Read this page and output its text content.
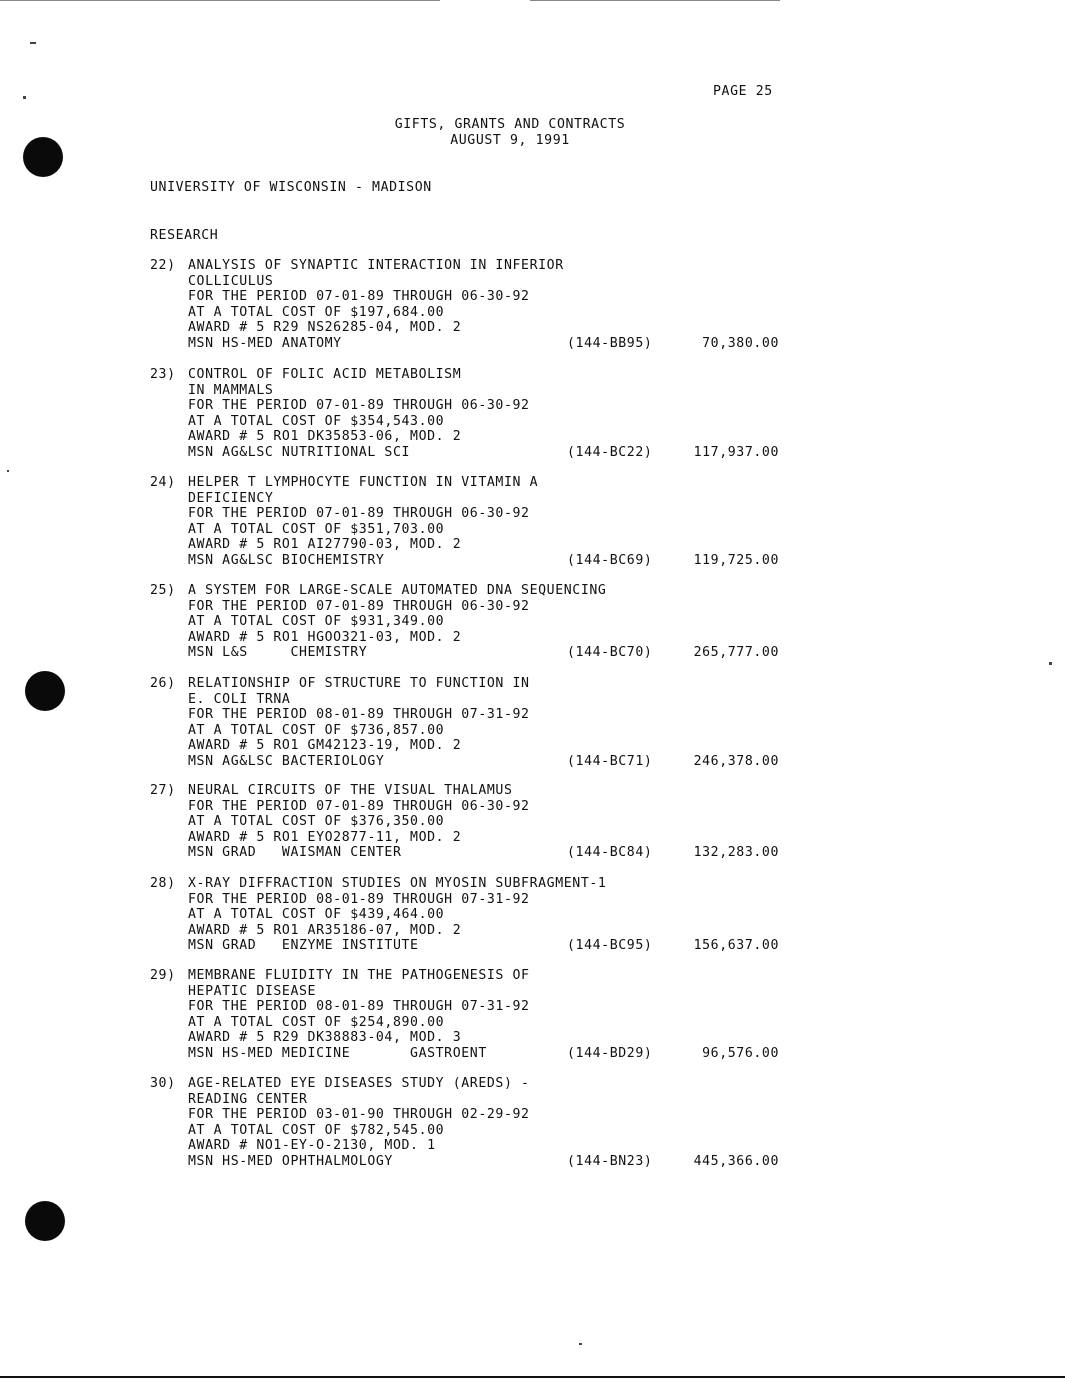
PAGE 25
GIFTS, GRANTS AND CONTRACTS
AUGUST 9, 1991
UNIVERSITY OF WISCONSIN - MADISON
RESEARCH
22) ANALYSIS OF SYNAPTIC INTERACTION IN INFERIOR
COLLICULUS
FOR THE PERIOD 07-01-89 THROUGH 06-30-92
AT A TOTAL COST OF $197,684.00
AWARD # 5 R29 NS26285-04, MOD. 2
MSN HS-MED ANATOMY	(144-BB95)	70,380.00
23) CONTROL OF FOLIC ACID METABOLISM
IN MAMMALS
FOR THE PERIOD 07-01-89 THROUGH 06-30-92
AT A TOTAL COST OF $354,543.00
AWARD # 5 RO1 DK35853-06, MOD. 2
MSN AG&LSC NUTRITIONAL SCI	(144-BC22)	117,937.00
24) HELPER T LYMPHOCYTE FUNCTION IN VITAMIN A
DEFICIENCY
FOR THE PERIOD 07-01-89 THROUGH 06-30-92
AT A TOTAL COST OF $351,703.00
AWARD # 5 RO1 AI27790-03, MOD. 2
MSN AG&LSC BIOCHEMISTRY	(144-BC69)	119,725.00
25) A SYSTEM FOR LARGE-SCALE AUTOMATED DNA SEQUENCING
FOR THE PERIOD 07-01-89 THROUGH 06-30-92
AT A TOTAL COST OF $931,349.00
AWARD # 5 RO1 HGOO321-03, MOD. 2
MSN L&S     CHEMISTRY	(144-BC70)	265,777.00
26) RELATIONSHIP OF STRUCTURE TO FUNCTION IN
E. COLI TRNA
FOR THE PERIOD 08-01-89 THROUGH 07-31-92
AT A TOTAL COST OF $736,857.00
AWARD # 5 RO1 GM42123-19, MOD. 2
MSN AG&LSC BACTERIOLOGY	(144-BC71)	246,378.00
27) NEURAL CIRCUITS OF THE VISUAL THALAMUS
FOR THE PERIOD 07-01-89 THROUGH 06-30-92
AT A TOTAL COST OF $376,350.00
AWARD # 5 RO1 EYO2877-11, MOD. 2
MSN GRAD   WAISMAN CENTER	(144-BC84)	132,283.00
28) X-RAY DIFFRACTION STUDIES ON MYOSIN SUBFRAGMENT-1
FOR THE PERIOD 08-01-89 THROUGH 07-31-92
AT A TOTAL COST OF $439,464.00
AWARD # 5 RO1 AR35186-07, MOD. 2
MSN GRAD   ENZYME INSTITUTE	(144-BC95)	156,637.00
29) MEMBRANE FLUIDITY IN THE PATHOGENESIS OF
HEPATIC DISEASE
FOR THE PERIOD 08-01-89 THROUGH 07-31-92
AT A TOTAL COST OF $254,890.00
AWARD # 5 R29 DK38883-04, MOD. 3
MSN HS-MED MEDICINE       GASTROENT	(144-BD29)	96,576.00
30) AGE-RELATED EYE DISEASES STUDY (AREDS) -
READING CENTER
FOR THE PERIOD 03-01-90 THROUGH 02-29-92
AT A TOTAL COST OF $782,545.00
AWARD # NO1-EY-O-2130, MOD. 1
MSN HS-MED OPHTHALMOLOGY	(144-BN23)	445,366.00
